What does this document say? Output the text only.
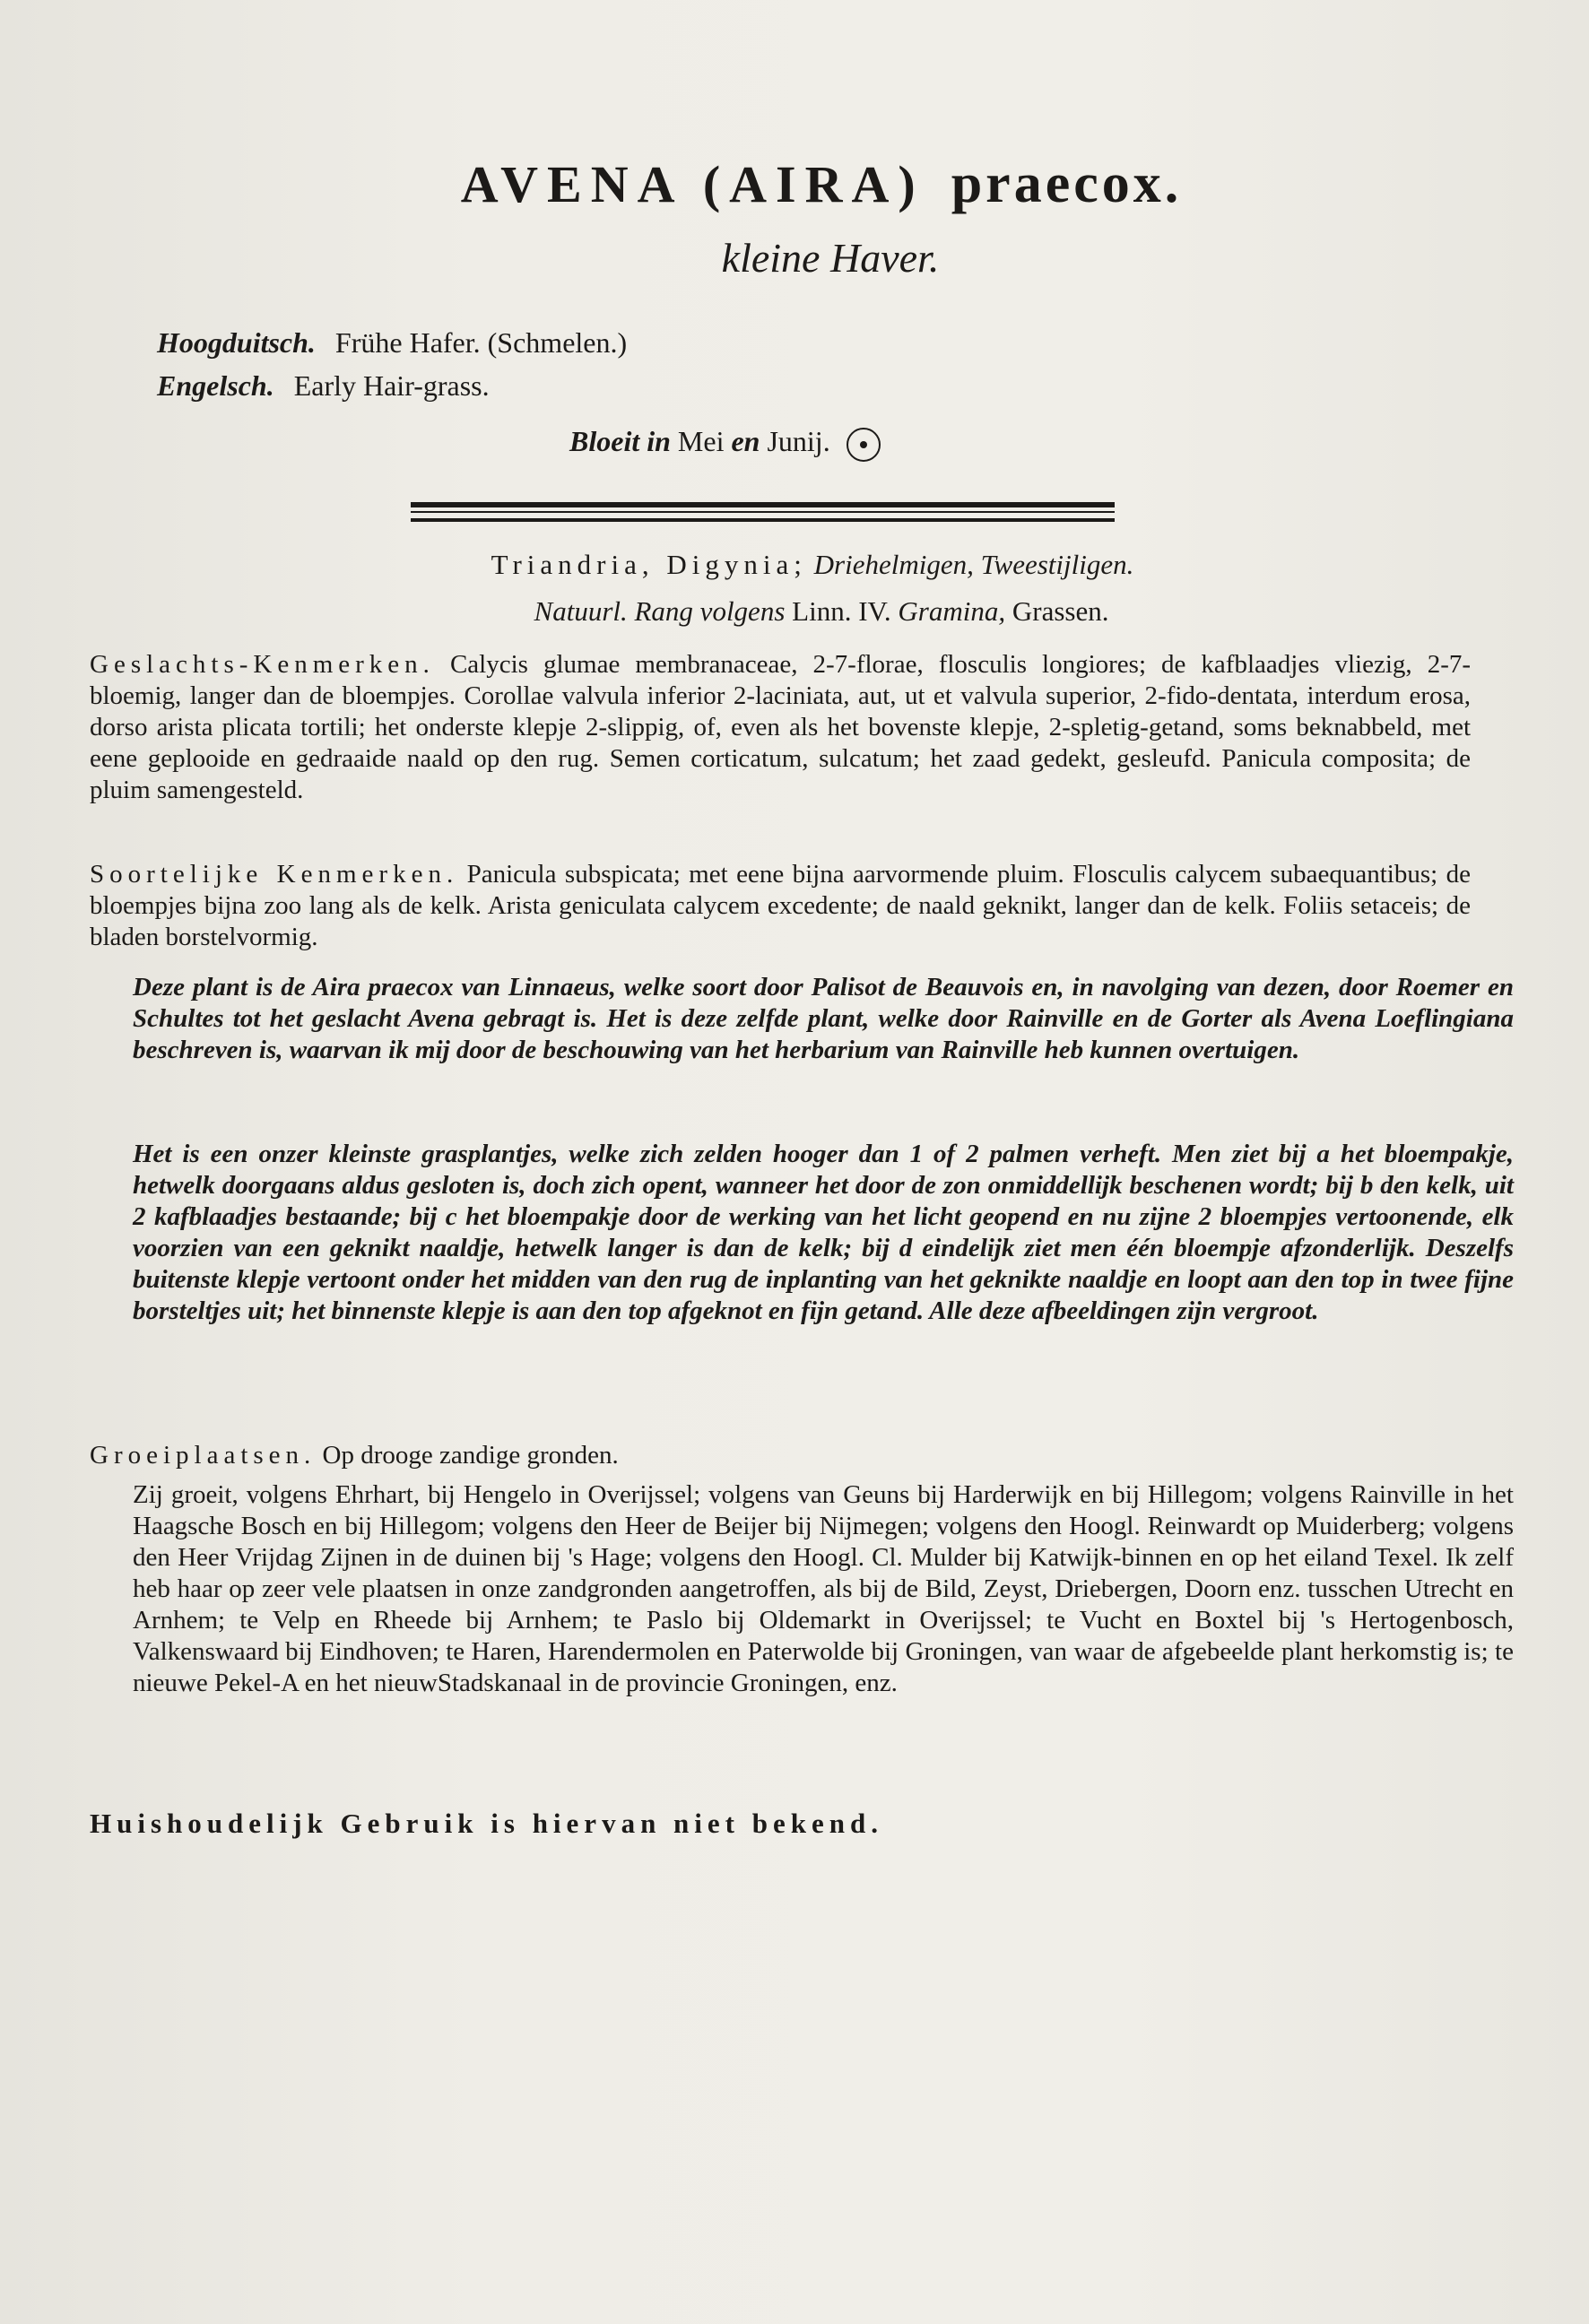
AVENA (AIRA) praecox.
kleine Haver.
Hoogduitsch. Frühe Hafer. (Schmelen.)
Engelsch. Early Hair-grass.
Bloeit in Mei en Junij.
Triandria, Digynia; Driehelmigen, Tweestijligen.
Natuurl. Rang volgens Linn. IV. Gramina, Grassen.

Geslachts-Kenmerken. Calycis glumae membranaceae, 2-7-florae, flosculis longiores; de kafblaadjes vliezig, 2-7-bloemig, langer dan de bloempjes. Corollae valvula inferior 2-laciniata, aut, ut et valvula superior, 2-fido-dentata, interdum erosa, dorso arista plicata tortili; het onderste klepje 2-slippig, of, even als het bovenste klepje, 2-spletig-getand, soms beknabbeld, met eene geplooide en gedraaide naald op den rug. Semen corticatum, sulcatum; het zaad gedekt, gesleufd. Panicula composita; de pluim samengesteld.

Soortelijke Kenmerken. Panicula subspicata; met eene bijna aarvormende pluim. Flosculis calycem subaequantibus; de bloempjes bijna zoo lang als de kelk. Arista geniculata calycem excedente; de naald geknikt, langer dan de kelk. Foliis setaceis; de bladen borstelvormig.

Deze plant is de Aira praecox van Linnaeus, welke soort door Palisot de Beauvois en, in navolging van dezen, door Roemer en Schultes tot het geslacht Avena gebragt is. Het is deze zelfde plant, welke door Rainville en de Gorter als Avena Loeflingiana beschreven is, waarvan ik mij door de beschouwing van het herbarium van Rainville heb kunnen overtuigen.

Het is een onzer kleinste grasplantjes, welke zich zelden hooger dan 1 of 2 palmen verheft. Men ziet bij a het bloempakje, hetwelk doorgaans aldus gesloten is, doch zich opent, wanneer het door de zon onmiddellijk beschenen wordt; bij b den kelk, uit 2 kafblaadjes bestaande; bij c het bloempakje door de werking van het licht geopend en nu zijne 2 bloempjes vertoonende, elk voorzien van een geknikt naaldje, hetwelk langer is dan de kelk; bij d eindelijk ziet men één bloempje afzonderlijk. Deszelfs buitenste klepje vertoont onder het midden van den rug de inplanting van het geknikte naaldje en loopt aan den top in twee fijne borsteltjes uit; het binnenste klepje is aan den top afgeknot en fijn getand. Alle deze afbeeldingen zijn vergroot.

Groeiplaatsen. Op drooge zandige gronden.

Zij groeit, volgens Ehrhart, bij Hengelo in Overijssel; volgens van Geuns bij Harderwijk en bij Hillegom; volgens Rainville in het Haagsche Bosch en bij Hillegom; volgens den Heer de Beijer bij Nijmegen; volgens den Hoogl. Reinwardt op Muiderberg; volgens den Heer Vrijdag Zijnen in de duinen bij 's Hage; volgens den Hoogl. Cl. Mulder bij Katwijk-binnen en op het eiland Texel. Ik zelf heb haar op zeer vele plaatsen in onze zandgronden aangetroffen, als bij de Bild, Zeyst, Driebergen, Doorn enz. tusschen Utrecht en Arnhem; te Velp en Rheede bij Arnhem; te Paslo bij Oldemarkt in Overijssel; te Vucht en Boxtel bij 's Hertogenbosch, Valkenswaard bij Eindhoven; te Haren, Harendermolen en Paterwolde bij Groningen, van waar de afgebeelde plant herkomstig is; te nieuwe Pekel-A en het nieuwStadskanaal in de provincie Groningen, enz.

Huishoudelijk Gebruik is hiervan niet bekend.
